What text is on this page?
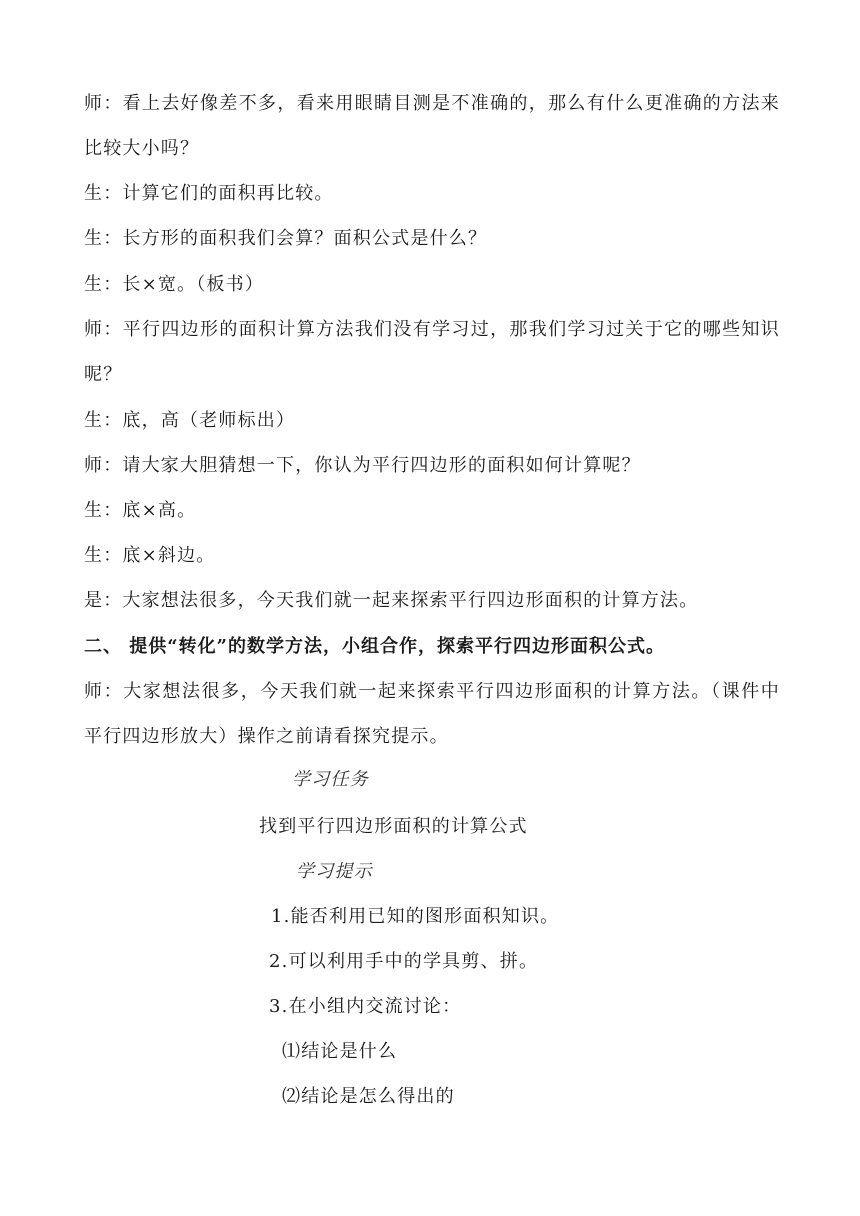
师：看上去好像差不多，看来用眼睛目测是不准确的，那么有什么更准确的方法来比较大小吗？

生：计算它们的面积再比较。

生：长方形的面积我们会算？面积公式是什么？

生：长×宽。（板书）

师：平行四边形的面积计算方法我们没有学习过，那我们学习过关于它的哪些知识呢？

生：底，高（老师标出）

师：请大家大胆猜想一下，你认为平行四边形的面积如何计算呢？

生：底×高。

生：底×斜边。

是：大家想法很多，今天我们就一起来探索平行四边形面积的计算方法。

二、 提供“转化”的数学方法，小组合作，探索平行四边形面积公式。

师：大家想法很多，今天我们就一起来探索平行四边形面积的计算方法。（课件中平行四边形放大）操作之前请看探究提示。

学习任务

找到平行四边形面积的计算公式

学习提示

1.能否利用已知的图形面积知识。

2.可以利用手中的学具剪、拼。

3.在小组内交流讨论：

⑴结论是什么

⑵结论是怎么得出的
